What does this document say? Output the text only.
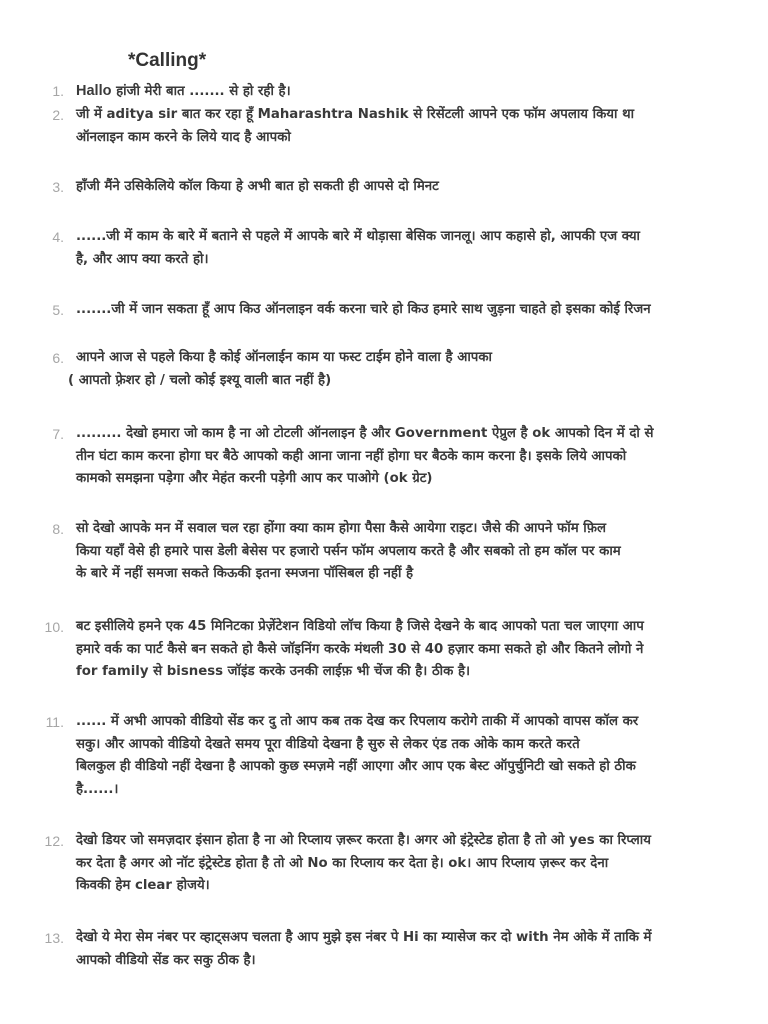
*Calling*
1. Hallo हांजी मेरी बात ....... से हो रही है।
2. जी में aditya sir बात कर रहा हूँ Maharashtra Nashik से रिसेंटली आपने एक फॉम अपलाय किया था
ऑनलाइन काम करने के लिये याद है आपको
3. हाँजी मैंने उसिकेलिये कॉल किया हे अभी बात हो सकती ही आपसे दो मिनट
4. ......जी में काम के बारे में बताने से पहले में आपके बारे में थोड़ासा बेसिक जानलू। आप कहासे हो, आपकी एज क्या
है, और आप क्या करते हो।
5. .......जी में जान सकता हूँ आप किउ ऑनलाइन वर्क करना चारे हो किउ हमारे साथ जुड़ना चाहते हो इसका कोई रिजन
6. आपने आज से पहले किया है कोई ऑनलाईन काम या फस्ट टाईम होने वाला है आपका
( आपतो फ़्रेशर हो / चलो कोई इश्यू वाली बात नहीं है)
7. ......... देखो हमारा जो काम है ना ओ टोटली ऑनलाइन है और Government ऐप्रुल है ok आपको दिन में दो से
तीन घंटा काम करना होगा घर बैठे आपको कही आना जाना नहीं होगा घर बैठके काम करना है। इसके लिये आपको
कामको समझना पड़ेगा और मेहंत करनी पड़ेगी आप कर पाओगे (ok ग्रेट)
8. सो देखो आपके मन में सवाल चल रहा होंगा क्या काम होगा पैसा कैसे आयेगा राइट। जैसे की आपने फॉम फ़िल
किया यहाँ वेसे ही हमारे पास डेली बेसेस पर हजारो पर्सन फॉम अपलाय करते है और सबको तो हम कॉल पर काम
के बारे में नहीं समजा सकते किऊकी इतना स्मजना पॉसिबल ही नहीं है
10. बट इसीलिये हमने एक 45 मिनिटका प्रेज़ेंटेशन विडियो लॉच किया है जिसे देखने के बाद आपको पता चल जाएगा आप
हमारे वर्क का पार्ट कैसे बन सकते हो कैसे जॉइनिंग करके मंथली 30 से 40 हज़ार कमा सकते हो और कितने लोगो ने
for family से bisness जॉइंड करके उनकी लाईफ़ भी चेंज की है। ठीक है।
11. ...... में अभी आपको वीडियो सेंड कर दु तो आप कब तक देख कर रिपलाय करोगे ताकी में आपको वापस कॉल कर
सकु। और आपको वीडियो देखते समय पूरा वीडियो देखना है सुरु से लेकर एंड तक ओके काम करते करते
बिलकुल ही वीडियो नहीं देखना है आपको कुछ स्मज़मे नहीं आएगा और आप एक बेस्ट ऑपुर्चुनिटी खो सकते हो ठीक
है......।
12. देखो डियर जो समज़दार इंसान होता है ना ओ रिप्लाय ज़रूर करता है। अगर ओ इंट्रेस्टेड होता है तो ओ yes का रिप्लाय
कर देता है अगर ओ नॉट इंट्रेस्टेड होता है तो ओ No का रिप्लाय कर देता हे। ok। आप रिप्लाय ज़रूर कर देना
किवकी हेम clear होजये।
13. देखो ये मेरा सेम नंबर पर व्हाट्सअप चलता है आप मुझे इस नंबर पे Hi का म्यासेज कर दो with नेम ओके में ताकि में
आपको वीडियो सेंड कर सकु ठीक है।
